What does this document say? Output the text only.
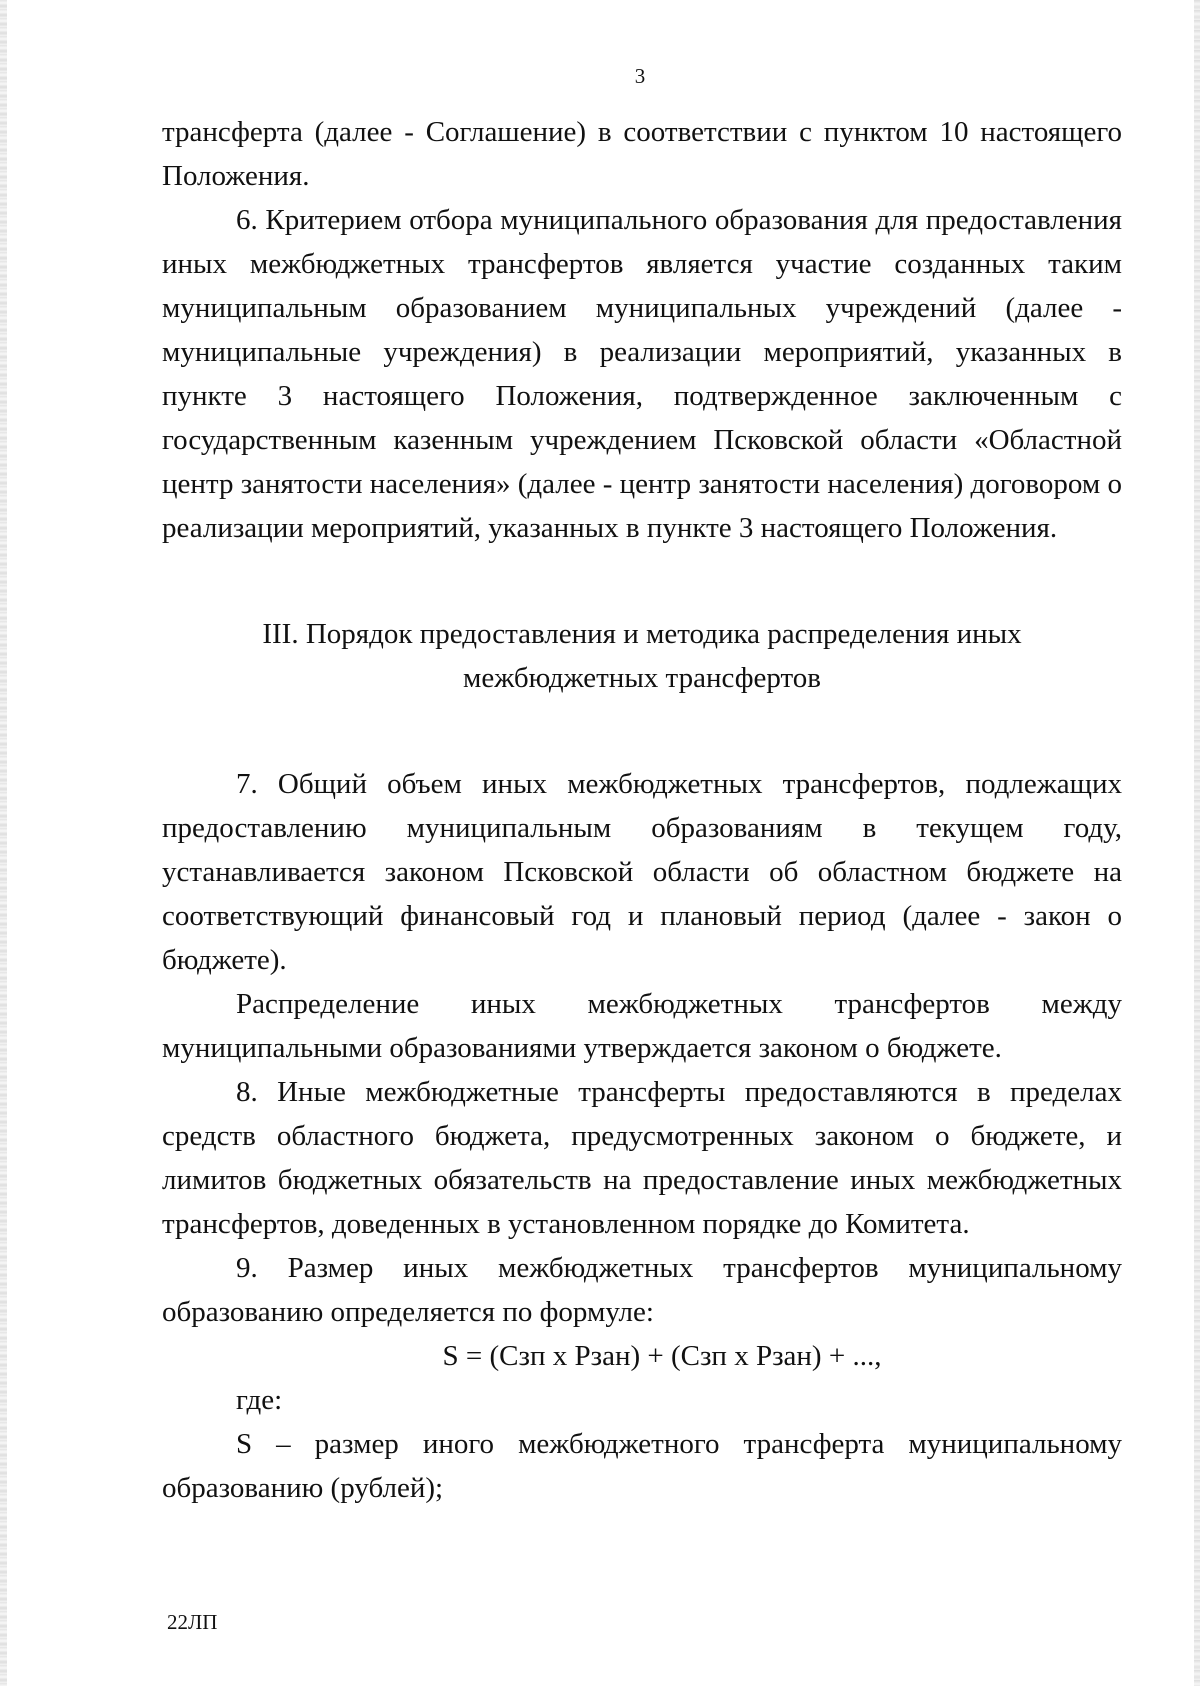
3

трансферта (далее - Соглашение) в соответствии с пунктом 10 настоящего Положения.

6. Критерием отбора муниципального образования для предоставления иных межбюджетных трансфертов является участие созданных таким муниципальным образованием муниципальных учреждений (далее - муниципальные учреждения) в реализации мероприятий, указанных в пункте 3 настоящего Положения, подтвержденное заключенным с государственным казенным учреждением Псковской области «Областной центр занятости населения» (далее - центр занятости населения) договором о реализации мероприятий, указанных в пункте 3 настоящего Положения.

III. Порядок предоставления и методика распределения иных
межбюджетных трансфертов

7. Общий объем иных межбюджетных трансфертов, подлежащих предоставлению муниципальным образованиям в текущем году, устанавливается законом Псковской области об областном бюджете на соответствующий финансовый год и плановый период (далее - закон о бюджете).

Распределение иных межбюджетных трансфертов между муниципальными образованиями утверждается законом о бюджете.

8. Иные межбюджетные трансферты предоставляются в пределах средств областного бюджета, предусмотренных законом о бюджете, и лимитов бюджетных обязательств на предоставление иных межбюджетных трансфертов, доведенных в установленном порядке до Комитета.

9. Размер иных межбюджетных трансфертов муниципальному образованию определяется по формуле:

S = (Сзп х Рзан) + (Сзп х Рзан) + ...,

где:

S – размер иного межбюджетного трансферта муниципальному образованию (рублей);

22ЛП
